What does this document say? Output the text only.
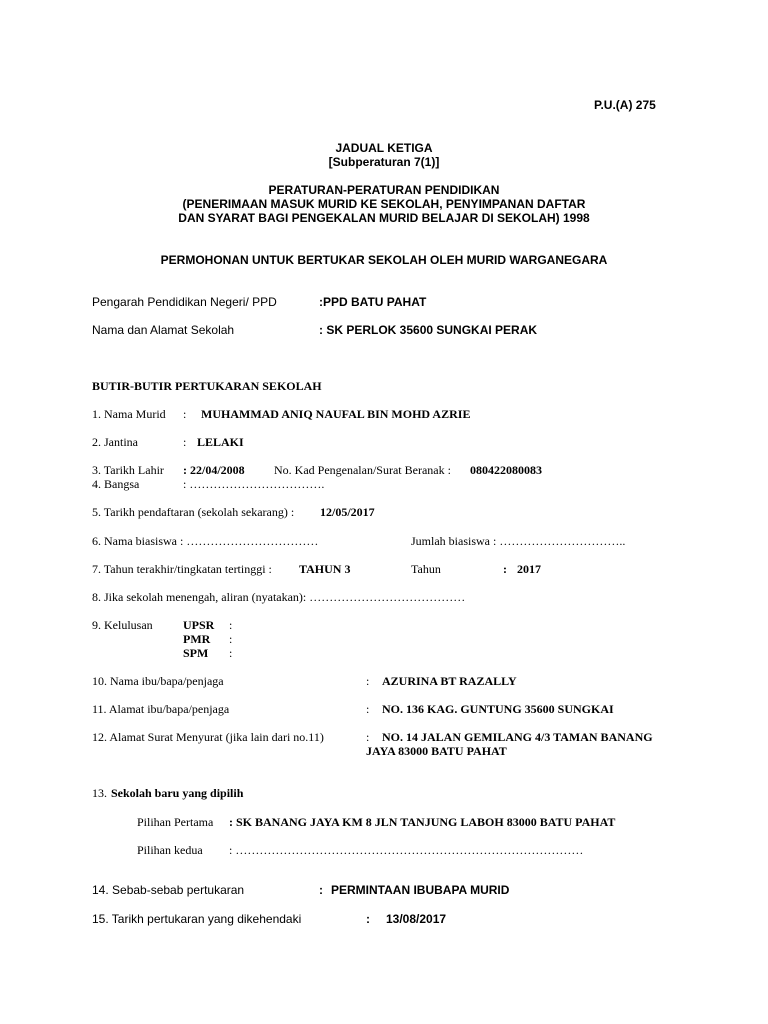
P.U.(A) 275
JADUAL KETIGA
[Subperaturan 7(1)]
PERATURAN-PERATURAN PENDIDIKAN
(PENERIMAAN MASUK MURID KE SEKOLAH, PENYIMPANAN DAFTAR
DAN SYARAT BAGI PENGEKALAN MURID BELAJAR DI SEKOLAH) 1998
PERMOHONAN UNTUK BERTUKAR SEKOLAH OLEH MURID WARGANEGARA
Pengarah Pendidikan Negeri/ PPD	:PPD BATU PAHAT
Nama dan Alamat Sekolah	: SK PERLOK 35600 SUNGKAI PERAK
BUTIR-BUTIR PERTUKARAN SEKOLAH
1. Nama Murid : MUHAMMAD ANIQ NAUFAL BIN MOHD AZRIE
2. Jantina	: LELAKI
3. Tarikh Lahir : 22/04/2008 No. Kad Pengenalan/Surat Beranak : 080422080083
4. Bangsa	: …………………………….
5. Tarikh pendaftaran (sekolah sekarang) : 12/05/2017
6. Nama biasiswa : ……………………………	Jumlah biasiswa : …………………………..
7. Tahun terakhir/tingkatan tertinggi : TAHUN 3	Tahun	: 2017
8. Jika sekolah menengah, aliran (nyatakan): …………………………………
9. Kelulusan	UPSR :
PMR :
SPM :
10. Nama ibu/bapa/penjaga	: AZURINA BT RAZALLY
11. Alamat ibu/bapa/penjaga	: NO. 136 KAG. GUNTUNG 35600 SUNGKAI
12. Alamat Surat Menyurat (jika lain dari no.11)	: NO. 14 JALAN GEMILANG 4/3 TAMAN BANANG
JAYA 83000 BATU PAHAT
13. Sekolah baru yang dipilih
Pilihan Pertama : SK BANANG JAYA KM 8 JLN TANJUNG LABOH 83000 BATU PAHAT
Pilihan kedua : ……………………………………………………………………………
14. Sebab-sebab pertukaran	: PERMINTAAN IBUBAPA MURID
15. Tarikh pertukaran yang dikehendaki	: 13/08/2017
